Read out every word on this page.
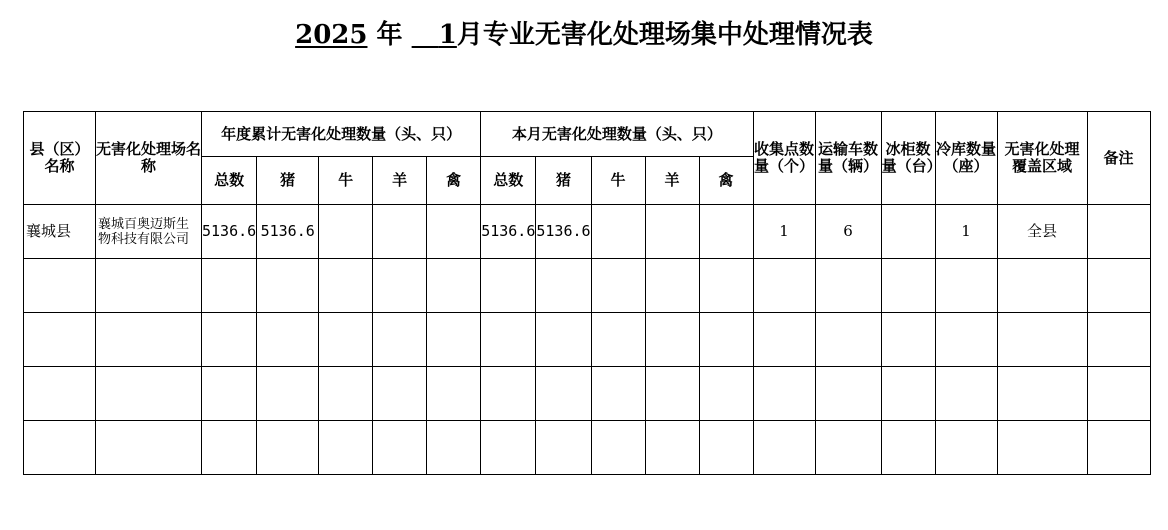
2025 年 1月专业无害化处理场集中处理情况表
县（区）名称	无害化处理场名称	年度累计无害化处理数量（头、只）					本月无害化处理数量（头、只）					收集点数量（个）	运输车数量（辆）	冰柜数量（台）	冷库数量（座）	无害化处理覆盖区域	备注
		总数	猪	牛	羊	禽	总数	猪	牛	羊	禽						
襄城县	襄城百奥迈斯生物科技有限公司	5136.6	5136.6				5136.6	5136.6				1	6		1	全县	
